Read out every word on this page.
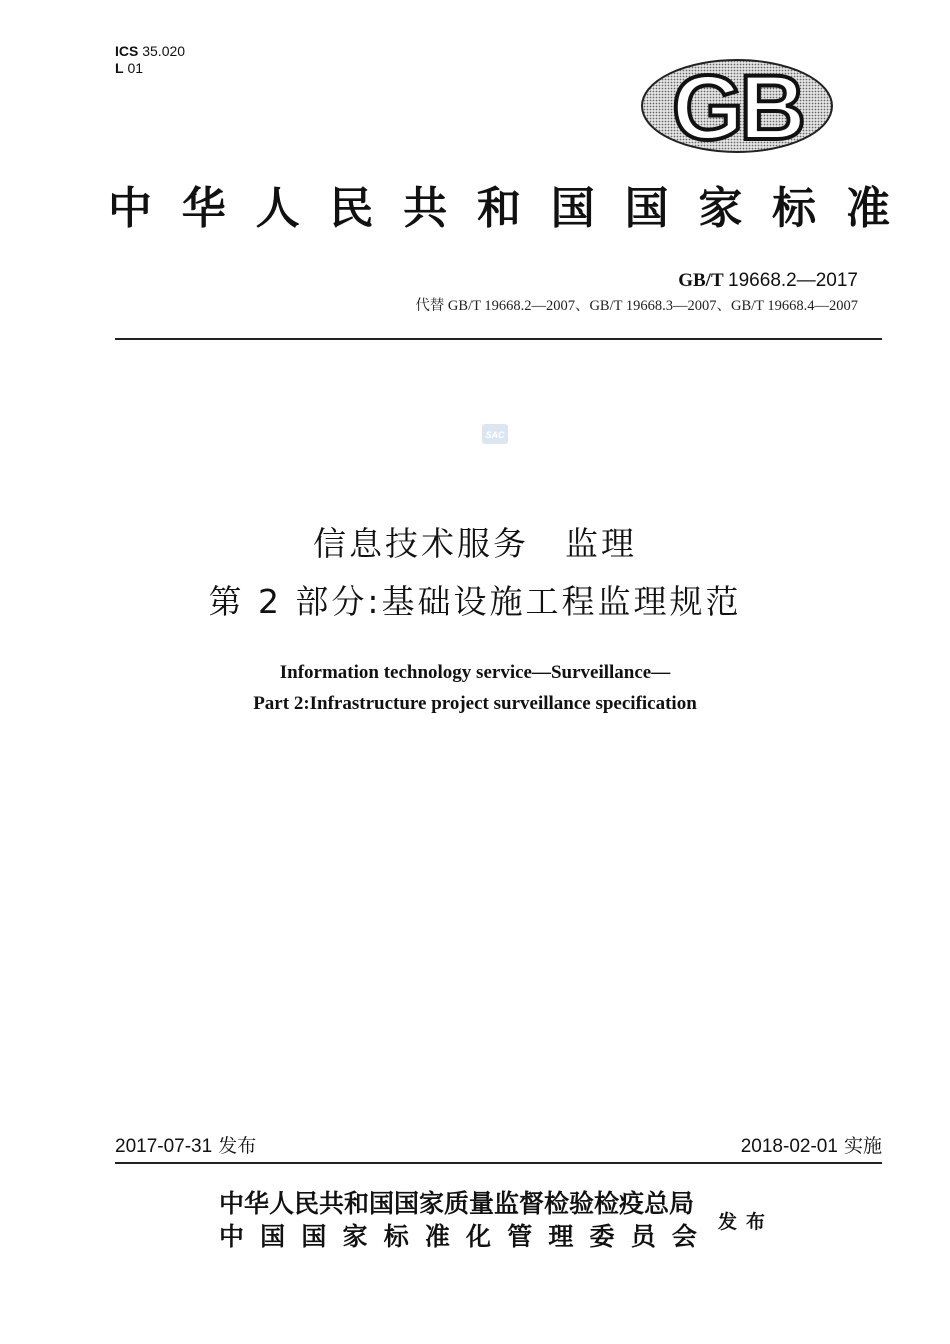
ICS 35.020
L 01	GB
中 华 人 民 共 和 国 国 家 标 准
GB/T 19668.2—2017
代替 GB/T 19668.2—2007、GB/T 19668.3—2007、GB/T 19668.4—2007
SAC
信息技术服务　监理
第 2 部分:基础设施工程监理规范
Information technology service—Surveillance—
Part 2:Infrastructure project surveillance specification
2017-07-31 发布	2018-02-01 实施
中华人民共和国国家质量监督检验检疫总局
中 国 国 家 标 准 化 管 理 委 员 会 发布
